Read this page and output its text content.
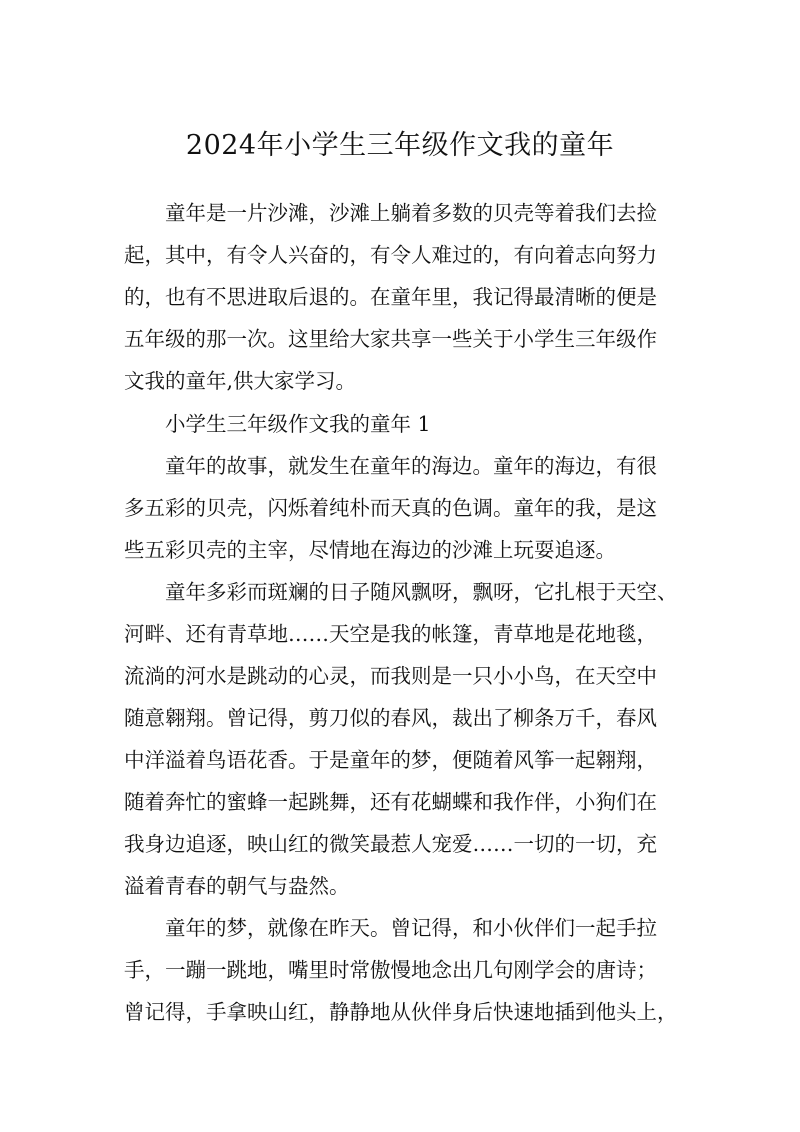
2024年小学生三年级作文我的童年

童年是一片沙滩，沙滩上躺着多数的贝壳等着我们去捡

起，其中，有令人兴奋的，有令人难过的，有向着志向努力

的，也有不思进取后退的。在童年里，我记得最清晰的便是

五年级的那一次。这里给大家共享一些关于小学生三年级作

文我的童年,供大家学习。

小学生三年级作文我的童年 1

童年的故事，就发生在童年的海边。童年的海边，有很

多五彩的贝壳，闪烁着纯朴而天真的色调。童年的我，是这

些五彩贝壳的主宰，尽情地在海边的沙滩上玩耍追逐。

童年多彩而斑斓的日子随风飘呀，飘呀，它扎根于天空、

河畔、还有青草地……天空是我的帐篷，青草地是花地毯，

流淌的河水是跳动的心灵，而我则是一只小小鸟，在天空中

随意翱翔。曾记得，剪刀似的春风，裁出了柳条万千，春风

中洋溢着鸟语花香。于是童年的梦，便随着风筝一起翱翔，

随着奔忙的蜜蜂一起跳舞，还有花蝴蝶和我作伴，小狗们在

我身边追逐，映山红的微笑最惹人宠爱……一切的一切，充

溢着青春的朝气与盎然。

童年的梦，就像在昨天。曾记得，和小伙伴们一起手拉

手，一蹦一跳地，嘴里时常傲慢地念出几句刚学会的唐诗；

曾记得，手拿映山红，静静地从伙伴身后快速地插到他头上，
